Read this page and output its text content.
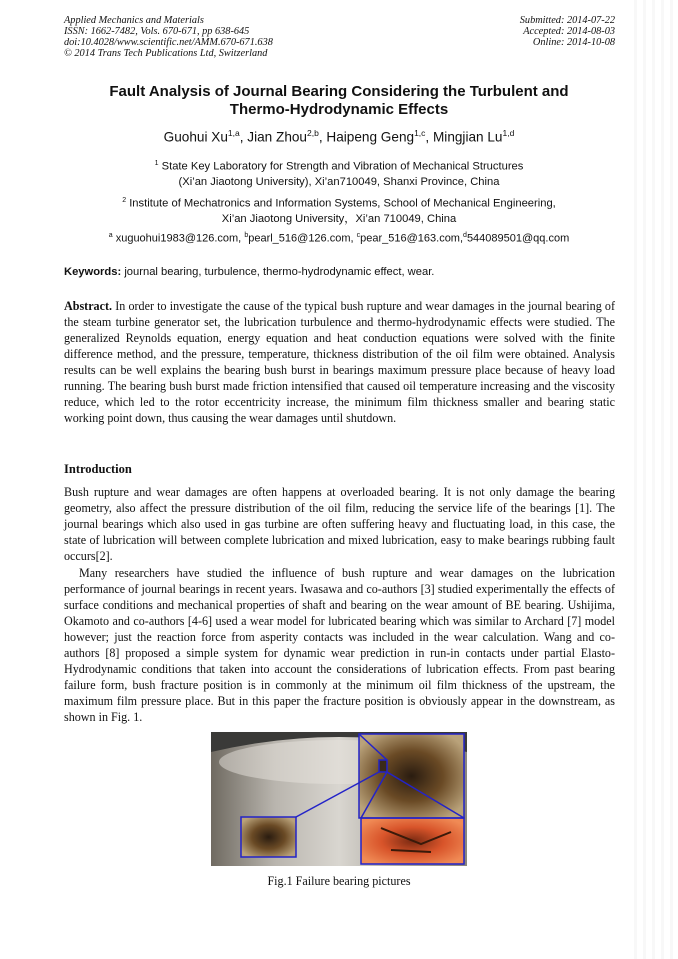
Applied Mechanics and Materials
ISSN: 1662-7482, Vols. 670-671, pp 638-645
doi:10.4028/www.scientific.net/AMM.670-671.638
© 2014 Trans Tech Publications Ltd, Switzerland
Submitted: 2014-07-22
Accepted: 2014-08-03
Online: 2014-10-08
Fault Analysis of Journal Bearing Considering the Turbulent and
Thermo-Hydrodynamic Effects
Guohui Xu$^{1,a}$, Jian Zhou$^{2,b}$, Haipeng Geng$^{1,c}$, Mingjian Lu$^{1,d}$
$^1$ State Key Laboratory for Strength and Vibration of Mechanical Structures
(Xi’an Jiaotong University), Xi’an710049, Shanxi Province, China
$^2$ Institute of Mechatronics and Information Systems, School of Mechanical Engineering,
Xi’an Jiaotong University，Xi’an 710049, China
$^a$ xuguohui1983@126.com, $^b$pearl_516@126.com, $^c$pear_516@163.com,$^d$544089501@qq.com
Keywords: journal bearing, turbulence, thermo-hydrodynamic effect, wear.
Abstract. In order to investigate the cause of the typical bush rupture and wear damages in the journal bearing of the steam turbine generator set, the lubrication turbulence and thermo-hydrodynamic effects were studied. The generalized Reynolds equation, energy equation and heat conduction equations were solved with the finite difference method, and the pressure, temperature, thickness distribution of the oil film were obtained. Analysis results can be well explains the bearing bush burst in bearings maximum pressure place because of heavy load running. The bearing bush burst made friction intensified that caused oil temperature increasing and the viscosity reduce, which led to the rotor eccentricity increase, the minimum film thickness smaller and bearing static working point down, thus causing the wear damages until shutdown.
Introduction
Bush rupture and wear damages are often happens at overloaded bearing. It is not only damage the bearing geometry, also affect the pressure distribution of the oil film, reducing the service life of the bearings [1]. The journal bearings which also used in gas turbine are often suffering heavy and fluctuating load, in this case, the state of lubrication will between complete lubrication and mixed lubrication, easy to make bearings rubbing fault occurs[2].
Many researchers have studied the influence of bush rupture and wear damages on the lubrication performance of journal bearings in recent years. Iwasawa and co-authors [3] studied experimentally the effects of surface conditions and mechanical properties of shaft and bearing on the wear amount of BE bearing. Ushijima, Okamoto and co-authors [4-6] used a wear model for lubricated bearing which was similar to Archard [7] model however; just the reaction force from asperity contacts was included in the wear calculation. Wang and co-authors [8] proposed a simple system for dynamic wear prediction in run-in contacts under partial Elasto-Hydrodynamic conditions that taken into account the considerations of lubrication effects. From past bearing failure form, bush fracture position is in commonly at the minimum oil film thickness of the upstream, the maximum film pressure place. But in this paper the fracture position is obviously appear in the downstream, as shown in Fig. 1.
Fig.1 Failure bearing pictures
